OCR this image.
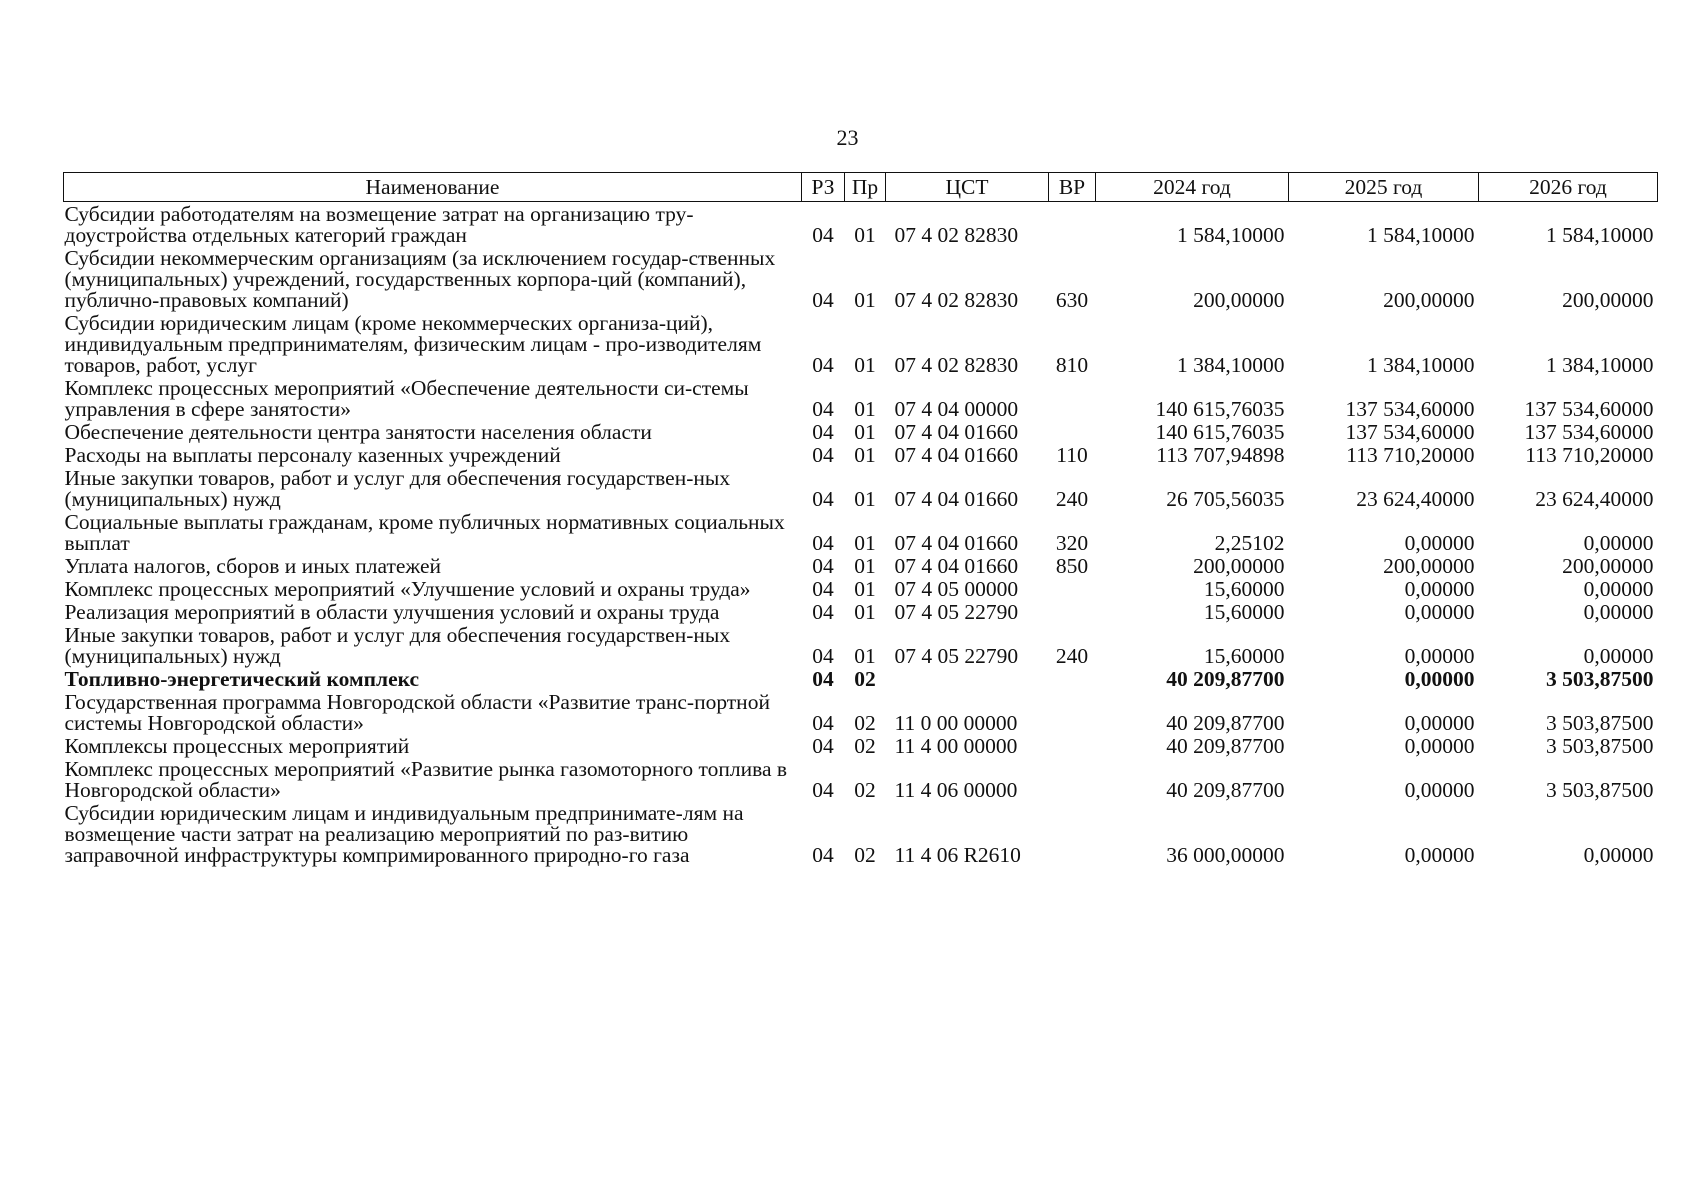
23
Наименование	РЗ	Пр	ЦСТ	ВР	2024 год	2025 год	2026 год
Субсидии работодателям на возмещение затрат на организацию тру-доустройства отдельных категорий граждан	04	01	07 4 02 82830		1 584,10000	1 584,10000	1 584,10000
Субсидии некоммерческим организациям (за исключением государ-ственных (муниципальных) учреждений, государственных корпора-ций (компаний), публично-правовых компаний)	04	01	07 4 02 82830	630	200,00000	200,00000	200,00000
Субсидии юридическим лицам (кроме некоммерческих организа-ций), индивидуальным предпринимателям, физическим лицам - про-изводителям товаров, работ, услуг	04	01	07 4 02 82830	810	1 384,10000	1 384,10000	1 384,10000
Комплекс процессных мероприятий «Обеспечение деятельности си-стемы управления в сфере занятости»	04	01	07 4 04 00000		140 615,76035	137 534,60000	137 534,60000
Обеспечение деятельности центра занятости населения области	04	01	07 4 04 01660		140 615,76035	137 534,60000	137 534,60000
Расходы на выплаты персоналу казенных учреждений	04	01	07 4 04 01660	110	113 707,94898	113 710,20000	113 710,20000
Иные закупки товаров, работ и услуг для обеспечения государствен-ных (муниципальных) нужд	04	01	07 4 04 01660	240	26 705,56035	23 624,40000	23 624,40000
Социальные выплаты гражданам, кроме публичных нормативных социальных выплат	04	01	07 4 04 01660	320	2,25102	0,00000	0,00000
Уплата налогов, сборов и иных платежей	04	01	07 4 04 01660	850	200,00000	200,00000	200,00000
Комплекс процессных мероприятий «Улучшение условий и охраны труда»	04	01	07 4 05 00000		15,60000	0,00000	0,00000
Реализация мероприятий в области улучшения условий и охраны труда	04	01	07 4 05 22790		15,60000	0,00000	0,00000
Иные закупки товаров, работ и услуг для обеспечения государствен-ных (муниципальных) нужд	04	01	07 4 05 22790	240	15,60000	0,00000	0,00000
Топливно-энергетический комплекс	04	02			40 209,87700	0,00000	3 503,87500
Государственная программа Новгородской области «Развитие транс-портной системы Новгородской области»	04	02	11 0 00 00000		40 209,87700	0,00000	3 503,87500
Комплексы процессных мероприятий	04	02	11 4 00 00000		40 209,87700	0,00000	3 503,87500
Комплекс процессных мероприятий «Развитие рынка газомоторного топлива в Новгородской области»	04	02	11 4 06 00000		40 209,87700	0,00000	3 503,87500
Субсидии юридическим лицам и индивидуальным предпринимате-лям на возмещение части затрат на реализацию мероприятий по раз-витию заправочной инфраструктуры компримированного природно-го газа	04	02	11 4 06 R2610		36 000,00000	0,00000	0,00000
